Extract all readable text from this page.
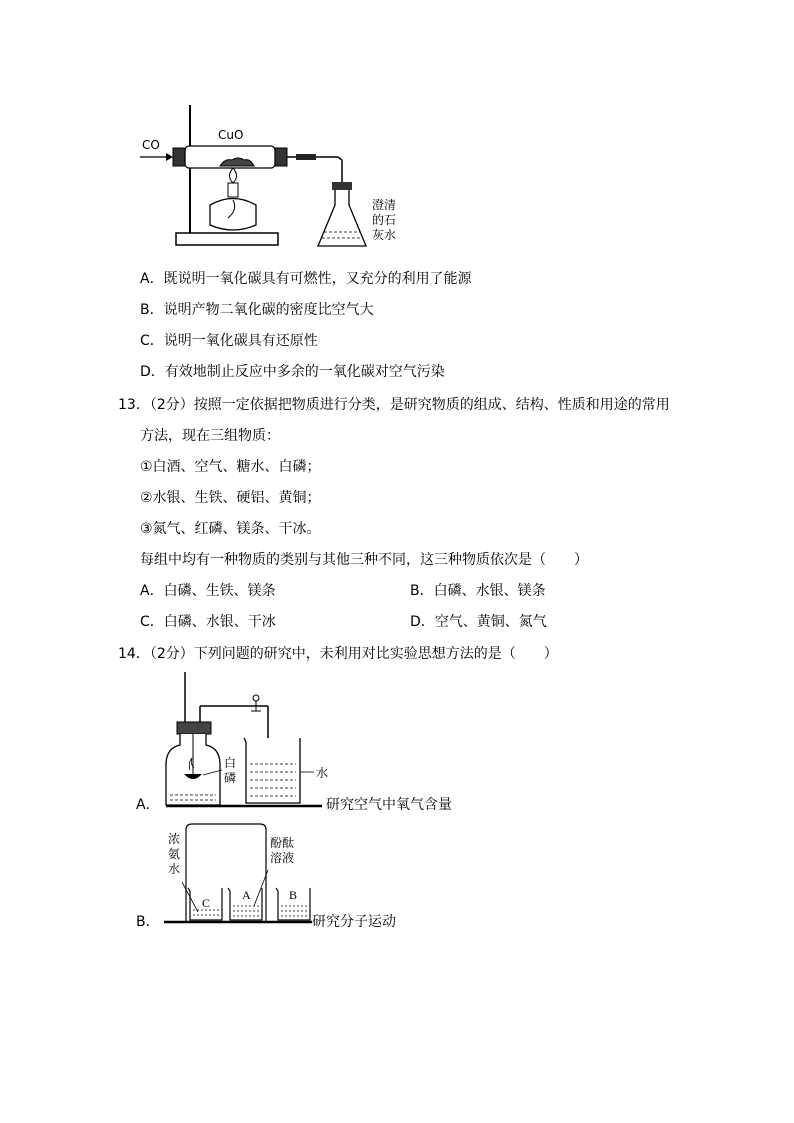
CO
CuO
澄清的石灰水
A．既说明一氧化碳具有可燃性，又充分的利用了能源
B．说明产物二氧化碳的密度比空气大
C．说明一氧化碳具有还原性
D．有效地制止反应中多余的一氧化碳对空气污染
13．（2分）按照一定依据把物质进行分类，是研究物质的组成、结构、性质和用途的常用
方法，现在三组物质：
①白酒、空气、糖水、白磷；
②水银、生铁、硬铝、黄铜；
③氮气、红磷、镁条、干冰。
每组中均有一种物质的类别与其他三种不同，这三种物质依次是（　　）
A．白磷、生铁、镁条	B．白磷、水银、镁条
C．白磷、水银、干冰	D．空气、黄铜、氮气
14．（2分）下列问题的研究中，未利用对比实验思想方法的是（　　）
白磷	水
A．	研究空气中氧气含量
浓氨水
酚酞溶液
C
A	B
B．	研究分子运动
